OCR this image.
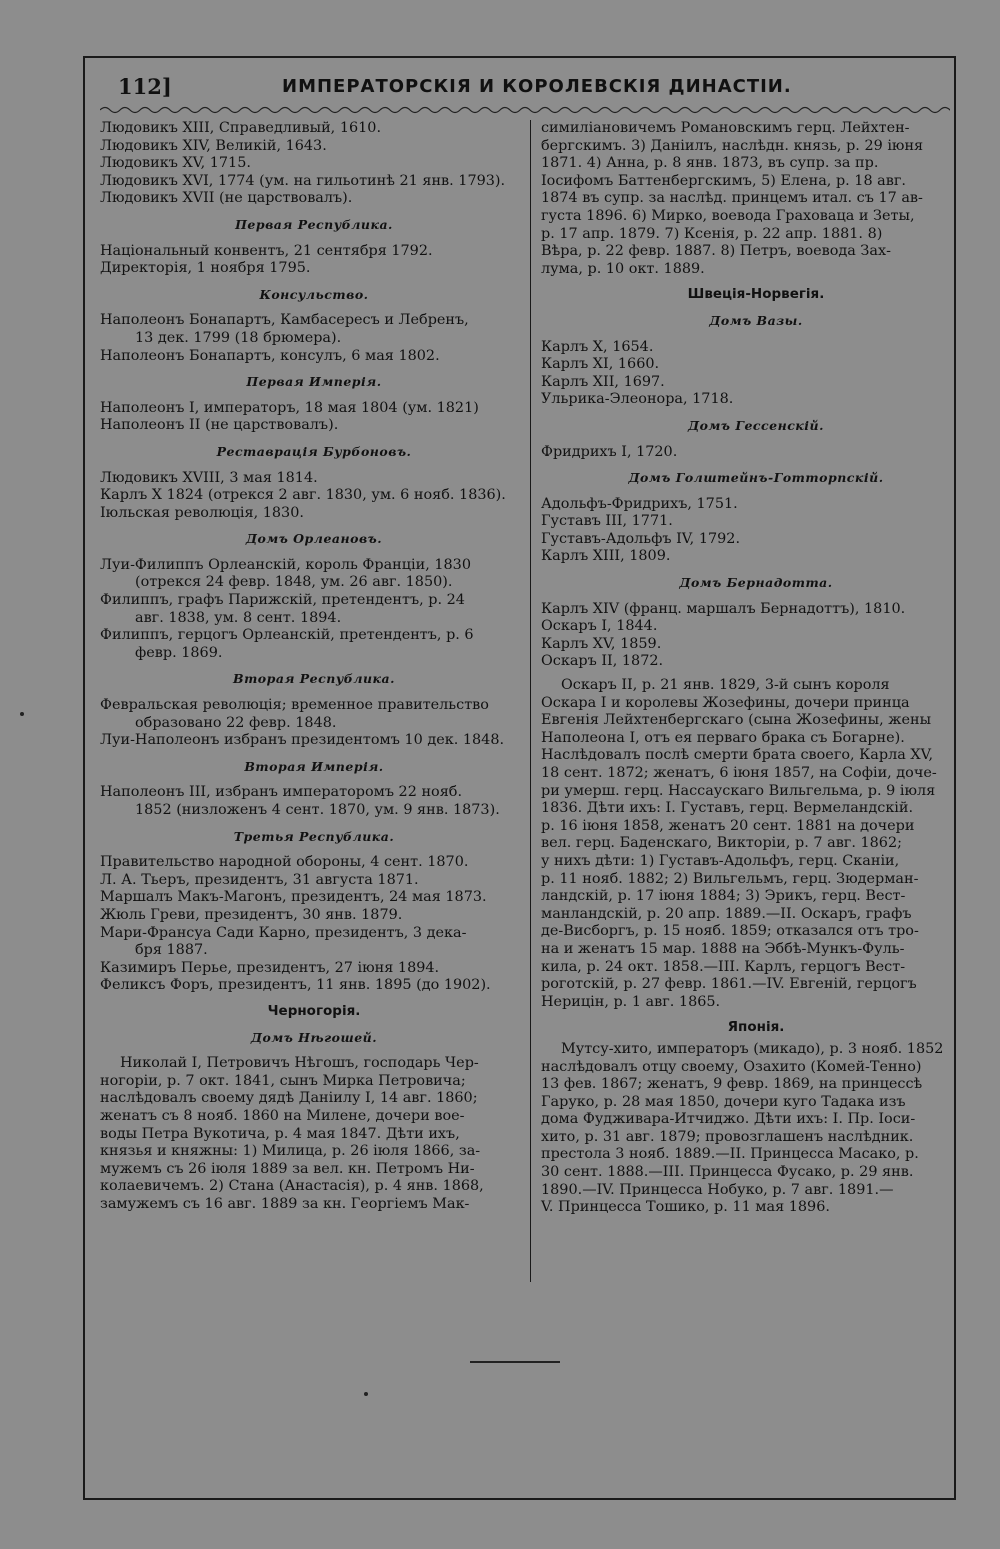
112]	ИМПЕРАТОРСКІЯ И КОРОЛЕВСКІЯ ДИНАСТІИ.
Людовикъ XIII, Справедливый, 1610.
Людовикъ XIV, Великій, 1643.
Людовикъ XV, 1715.
Людовикъ XVI, 1774 (ум. на гильотинѣ 21 янв. 1793).
Людовикъ XVII (не царствовалъ).
Первая Республика.
Національный конвентъ, 21 сентября 1792.
Директорія, 1 ноября 1795.
Консульство.
Наполеонъ Бонапартъ, Камбасересъ и Лебренъ,
13 дек. 1799 (18 брюмера).
Наполеонъ Бонапартъ, консулъ, 6 мая 1802.
Первая Имперія.
Наполеонъ I, императоръ, 18 мая 1804 (ум. 1821)
Наполеонъ II (не царствовалъ).
Реставрація Бурбоновъ.
Людовикъ XVIII, 3 мая 1814.
Карлъ X 1824 (отрекся 2 авг. 1830, ум. 6 нояб. 1836).
Іюльская революція, 1830.
Домъ Орлеановъ.
Луи-Филиппъ Орлеанскій, король Франціи, 1830
(отрекся 24 февр. 1848, ум. 26 авг. 1850).
Филиппъ, графъ Парижскій, претендентъ, р. 24
авг. 1838, ум. 8 сент. 1894.
Филиппъ, герцогъ Орлеанскій, претендентъ, р. 6
февр. 1869.
Вторая Республика.
Февральская революція; временное правительство
образовано 22 февр. 1848.
Луи-Наполеонъ избранъ президентомъ 10 дек. 1848.
Вторая Имперія.
Наполеонъ III, избранъ императоромъ 22 нояб.
1852 (низложенъ 4 сент. 1870, ум. 9 янв. 1873).
Третья Республика.
Правительство народной обороны, 4 сент. 1870.
Л. А. Тьеръ, президентъ, 31 августа 1871.
Маршалъ Макъ-Магонъ, президентъ, 24 мая 1873.
Жюль Греви, президентъ, 30 янв. 1879.
Мари-Франсуа Сади Карно, президентъ, 3 дека-
бря 1887.
Казимиръ Перье, президентъ, 27 іюня 1894.
Феликсъ Форъ, президентъ, 11 янв. 1895 (до 1902).
Черногорія.
Домъ Нѣгошей.
Николай I, Петровичъ Нѣгошъ, господарь Чер-
ногоріи, р. 7 окт. 1841, сынъ Мирка Петровича;
наслѣдовалъ своему дядѣ Данiилу I, 14 авг. 1860;
женатъ съ 8 нояб. 1860 на Милене, дочери вое-
воды Петра Вукотича, р. 4 мая 1847. Дѣти ихъ,
князья и княжны: 1) Милица, р. 26 іюля 1866, за-
мужемъ съ 26 іюля 1889 за вел. кн. Петромъ Ни-
колаевичемъ. 2) Стана (Анастасія), р. 4 янв. 1868,
замужемъ съ 16 авг. 1889 за кн. Георгіемъ Мак-
симиліановичемъ Романовскимъ герц. Лейхтен-
бергскимъ. 3) Данiилъ, наслѣдн. князь, р. 29 іюня
1871. 4) Анна, р. 8 янв. 1873, въ супр. за пр.
Іосифомъ Баттенбергскимъ, 5) Елена, р. 18 авг.
1874 въ супр. за наслѣд. принцемъ итал. съ 17 ав-
густа 1896. 6) Мирко, воевода Граховаца и Зеты,
р. 17 апр. 1879. 7) Ксенія, р. 22 апр. 1881. 8)
Вѣра, р. 22 февр. 1887. 8) Петръ, воевода Зах-
лума, р. 10 окт. 1889.
Швеція-Норвегія.
Домъ Вазы.
Карлъ X, 1654.
Карлъ XI, 1660.
Карлъ XII, 1697.
Ульрика-Элеонора, 1718.
Домъ Гессенскій.
Фридрихъ I, 1720.
Домъ Голштейнъ-Готторпскій.
Адольфъ-Фридрихъ, 1751.
Густавъ III, 1771.
Густавъ-Адольфъ IV, 1792.
Карлъ XIII, 1809.
Домъ Бернадотта.
Карлъ XIV (франц. маршалъ Бернадоттъ), 1810.
Оскаръ I, 1844.
Карлъ XV, 1859.
Оскаръ II, 1872.
Оскаръ II, р. 21 янв. 1829, 3-й сынъ короля
Оскара I и королевы Жозефины, дочери принца
Евгенія Лейхтенбергскаго (сына Жозефины, жены
Наполеона I, отъ ея перваго брака съ Богарне).
Наслѣдовалъ послѣ смерти брата своего, Карла XV,
18 сент. 1872; женатъ, 6 іюня 1857, на Софіи, доче-
ри умерш. герц. Нассаускаго Вильгельма, р. 9 іюля
1836. Дѣти ихъ: I. Густавъ, герц. Вермеландскій.
р. 16 іюня 1858, женатъ 20 сент. 1881 на дочери
вел. герц. Баденскаго, Викторіи, р. 7 авг. 1862;
у нихъ дѣти: 1) Густавъ-Адольфъ, герц. Сканіи,
р. 11 нояб. 1882; 2) Вильгельмъ, герц. Зюдерман-
ландскій, р. 17 іюня 1884; 3) Эрикъ, герц. Вест-
манландскій, р. 20 апр. 1889.—II. Оскаръ, графъ
де-Висборгъ, р. 15 нояб. 1859; отказался отъ тро-
на и женатъ 15 мар. 1888 на Эббѣ-Мункъ-Фуль-
кила, р. 24 окт. 1858.—III. Карлъ, герцогъ Вест-
роготскій, р. 27 февр. 1861.—IV. Евгеній, герцогъ
Нерицін, р. 1 авг. 1865.
Японія.
Мутсу-хито, императоръ (микадо), р. 3 нояб. 1852
наслѣдовалъ отцу своему, Озахито (Комей-Тенно)
13 фев. 1867; женатъ, 9 февр. 1869, на принцессѣ
Гаруко, р. 28 мая 1850, дочери куго Тадака изъ
дома Фудживара-Итчиджо. Дѣти ихъ: I. Пр. Іоси-
хито, р. 31 авг. 1879; провозглашенъ наслѣдник.
престола 3 нояб. 1889.—II. Принцесса Масако, р.
30 сент. 1888.—III. Принцесса Фусако, р. 29 янв.
1890.—IV. Принцесса Нобуко, р. 7 авг. 1891.—
V. Принцесса Тошико, р. 11 мая 1896.
